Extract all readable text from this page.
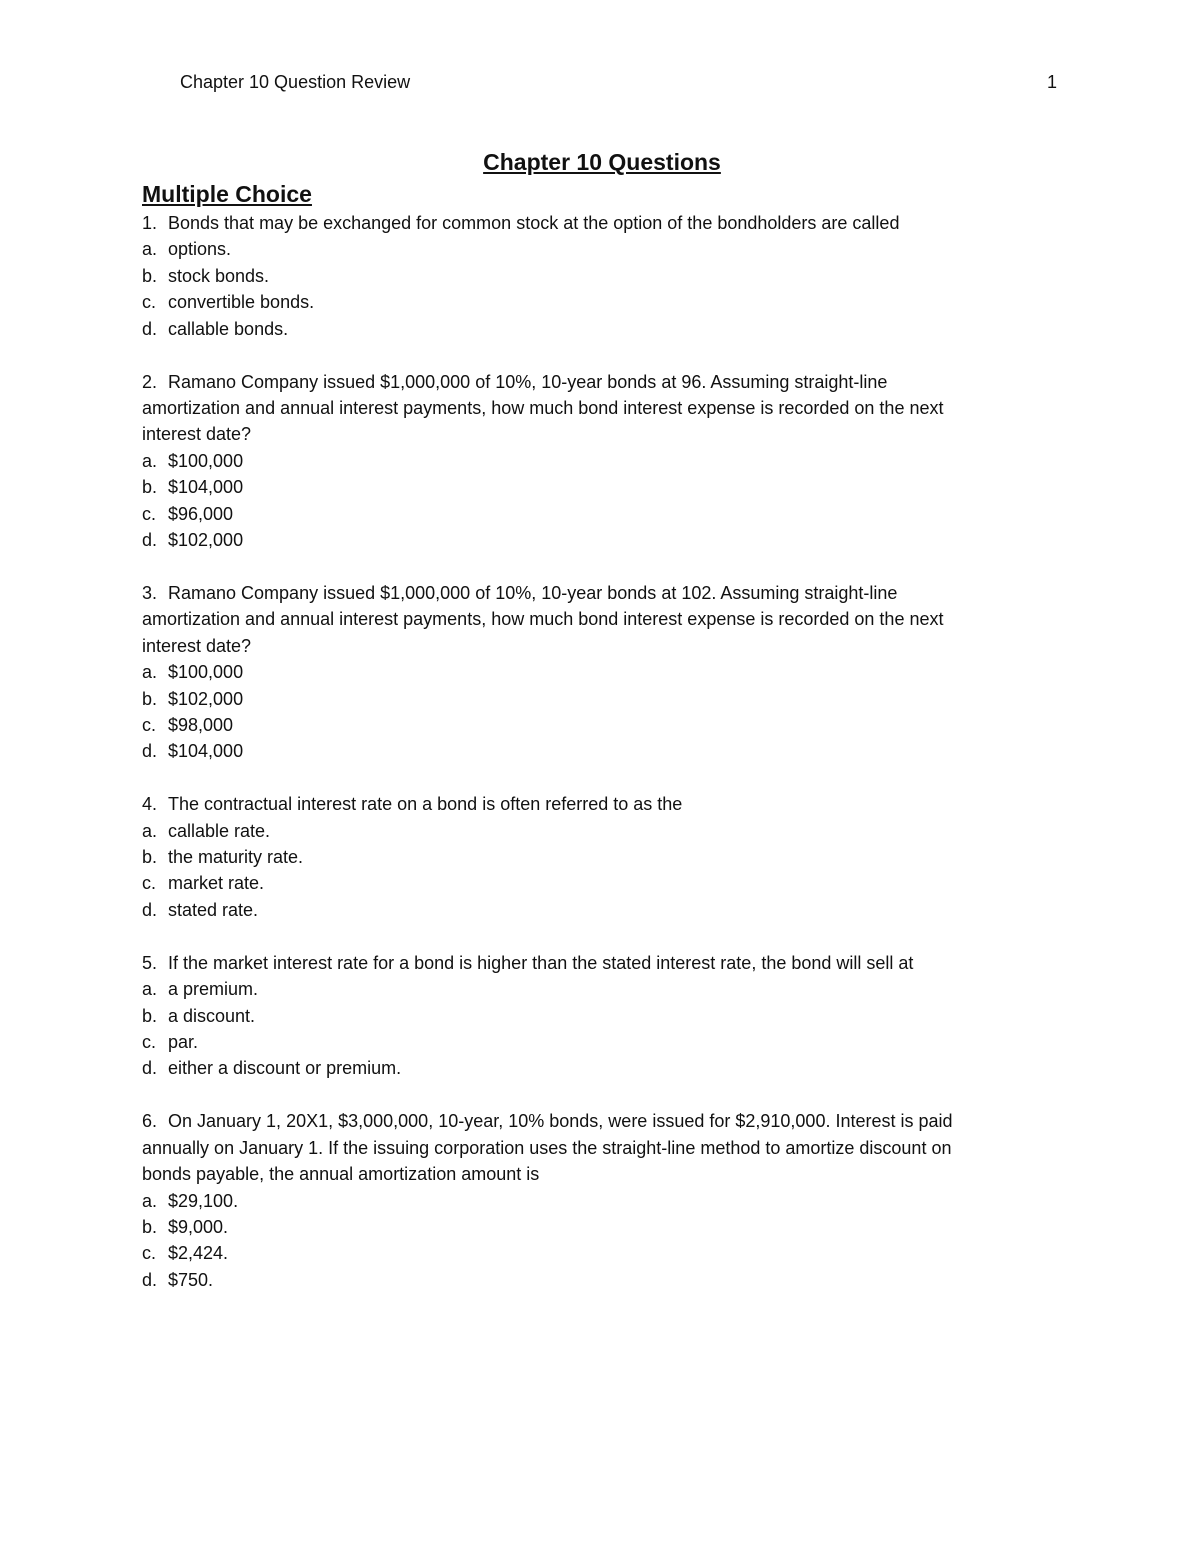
Chapter 10 Question Review	1
Chapter 10 Questions
Multiple Choice
1. Bonds that may be exchanged for common stock at the option of the bondholders are called
a. options.
b. stock bonds.
c. convertible bonds.
d. callable bonds.
2. Ramano Company issued $1,000,000 of 10%, 10-year bonds at 96. Assuming straight-line
amortization and annual interest payments, how much bond interest expense is recorded on the next
interest date?
a. $100,000
b. $104,000
c. $96,000
d. $102,000
3. Ramano Company issued $1,000,000 of 10%, 10-year bonds at 102. Assuming straight-line
amortization and annual interest payments, how much bond interest expense is recorded on the next
interest date?
a. $100,000
b. $102,000
c. $98,000
d. $104,000
4. The contractual interest rate on a bond is often referred to as the
a. callable rate.
b. the maturity rate.
c. market rate.
d. stated rate.
5. If the market interest rate for a bond is higher than the stated interest rate, the bond will sell at
a. a premium.
b. a discount.
c. par.
d. either a discount or premium.
6. On January 1, 20X1, $3,000,000, 10-year, 10% bonds, were issued for $2,910,000. Interest is paid
annually on January 1. If the issuing corporation uses the straight-line method to amortize discount on
bonds payable, the annual amortization amount is
a. $29,100.
b. $9,000.
c. $2,424.
d. $750.
